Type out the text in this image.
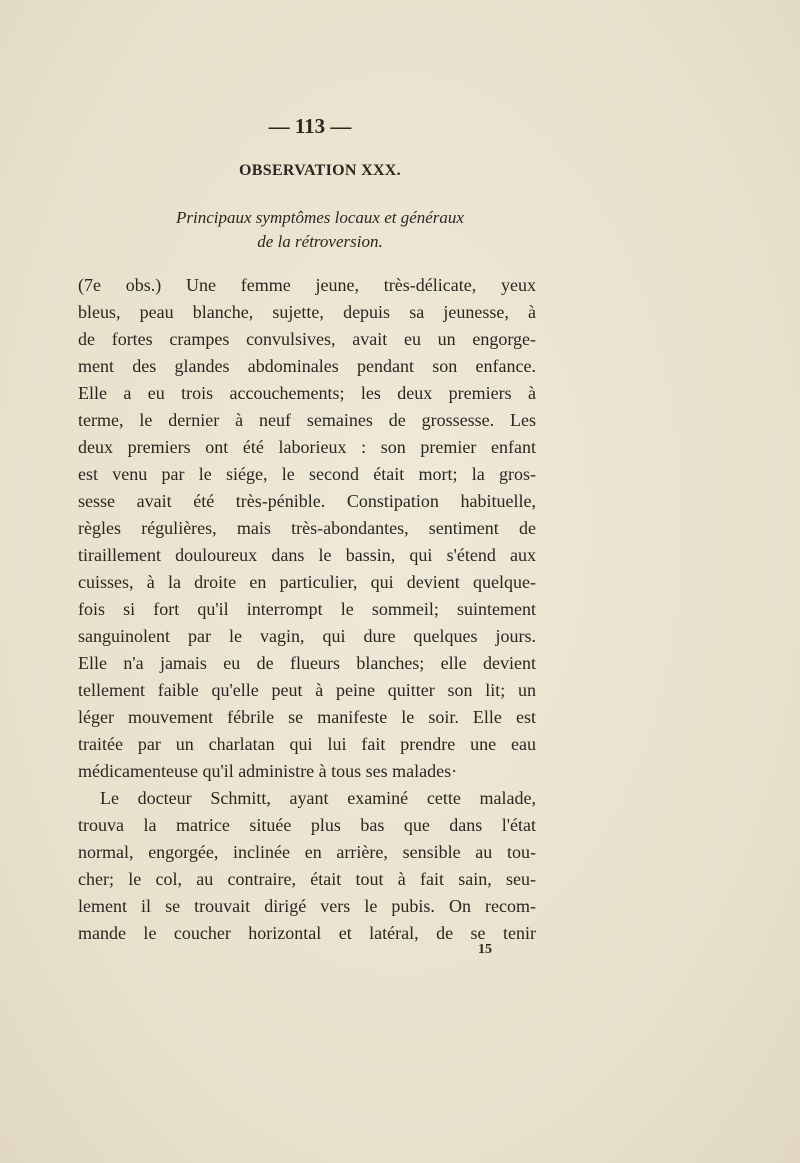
— 113 —
OBSERVATION XXX.
Principaux symptômes locaux et généraux
de la rétroversion.
(7e obs.) Une femme jeune, très-délicate, yeux
bleus, peau blanche, sujette, depuis sa jeunesse, à
de fortes crampes convulsives, avait eu un engorge-
ment des glandes abdominales pendant son enfance.
Elle a eu trois accouchements; les deux premiers à
terme, le dernier à neuf semaines de grossesse. Les
deux premiers ont été laborieux : son premier enfant
est venu par le siége, le second était mort; la gros-
sesse avait été très-pénible. Constipation habituelle,
règles régulières, mais très-abondantes, sentiment de
tiraillement douloureux dans le bassin, qui s'étend aux
cuisses, à la droite en particulier, qui devient quelque-
fois si fort qu'il interrompt le sommeil; suintement
sanguinolent par le vagin, qui dure quelques jours.
Elle n'a jamais eu de flueurs blanches; elle devient
tellement faible qu'elle peut à peine quitter son lit; un
léger mouvement fébrile se manifeste le soir. Elle est
traitée par un charlatan qui lui fait prendre une eau
médicamenteuse qu'il administre à tous ses malades·
Le docteur Schmitt, ayant examiné cette malade,
trouva la matrice située plus bas que dans l'état
normal, engorgée, inclinée en arrière, sensible au tou-
cher; le col, au contraire, était tout à fait sain, seu-
lement il se trouvait dirigé vers le pubis. On recom-
mande le coucher horizontal et latéral, de se tenir
15
